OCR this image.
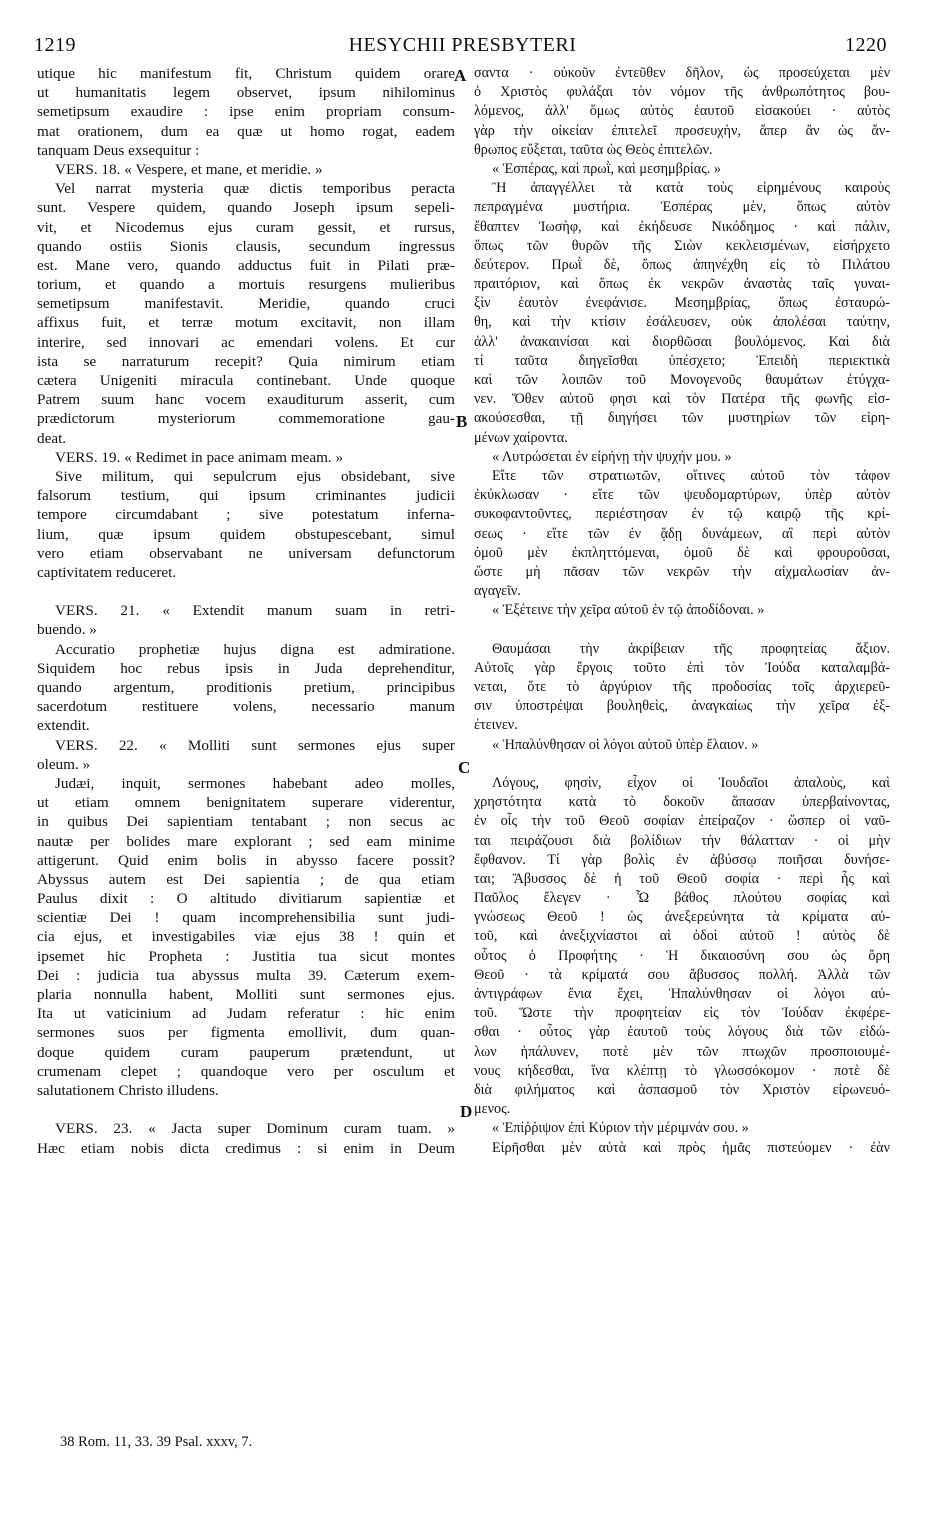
1219	HESYCHII PRESBYTERI	1220
utique hic manifestum fit, Christum quidem orare
ut humanitatis legem observet, ipsum nihilominus
semetipsum exaudire : ipse enim propriam consum-
mat orationem, dum ea quæ ut homo rogat, eadem
tanquam Deus exsequitur :
VERS. 18. « Vespere, et mane, et meridie. »
Vel narrat mysteria quæ dictis temporibus peracta
sunt. Vespere quidem, quando Joseph ipsum sepeli-
vit, et Nicodemus ejus curam gessit, et rursus,
quando ostiis Sionis clausis, secundum ingressus
est. Mane vero, quando adductus fuit in Pilati præ-
torium, et quando a mortuis resurgens mulieribus
semetipsum manifestavit. Meridie, quando cruci
affixus fuit, et terræ motum excitavit, non illam
interire, sed innovari ac emendari volens. Et cur
ista se narraturum recepit? Quia nimirum etiam
cætera Unigeniti miracula continebant. Unde quoque
Patrem suum hanc vocem exauditurum asserit, cum
prædictorum mysteriorum commemoratione gau-
deat.
VERS. 19. « Redimet in pace animam meam. »
Sive militum, qui sepulcrum ejus obsidebant, sive
falsorum testium, qui ipsum criminantes judicii
tempore circumdabant ; sive potestatum inferna-
lium, quæ ipsum quidem obstupescebant, simul
vero etiam observabant ne universam defunctorum
captivitatem reduceret.
VERS. 21. « Extendit manum suam in retri-
buendo. »
Accuratio prophetiæ hujus digna est admiratione.
Siquidem hoc rebus ipsis in Juda deprehenditur,
quando argentum, proditionis pretium, principibus
sacerdotum restituere volens, necessario manum
extendit.
VERS. 22. « Molliti sunt sermones ejus super
oleum. »
Judæi, inquit, sermones habebant adeo molles,
ut etiam omnem benignitatem superare viderentur,
in quibus Dei sapientiam tentabant ; non secus ac
nautæ per bolides mare explorant ; sed eam minime
attigerunt. Quid enim bolis in abysso facere possit?
Abyssus autem est Dei sapientia ; de qua etiam
Paulus dixit : O altitudo divitiarum sapientiæ et
scientiæ Dei ! quam incomprehensibilia sunt judi-
cia ejus, et investigabiles viæ ejus 38 ! quin et
ipsemet hic Propheta : Justitia tua sicut montes
Dei : judicia tua abyssus multa 39. Cæterum exem-
plaria nonnulla habent, Molliti sunt sermones ejus.
Ita ut vaticinium ad Judam referatur : hic enim
sermones suos per figmenta emollivit, dum quan-
doque quidem curam pauperum prætendunt, ut
crumenam clepet ; quandoque vero per osculum et
salutationem Christo illudens.
VERS. 23. « Jacta super Dominum curam tuam. »
Hæc etiam nobis dicta credimus : si enim in Deum
σαντα · οὐκοῦν ἐντεῦθεν δῆλον, ὡς προσεύχεται μὲν
ὁ Χριστὸς φυλάξαι τὸν νόμον τῆς ἀνθρωπότητος βου-
λόμενος, ἀλλ' ὅμως αὐτὸς ἑαυτοῦ εἰσακούει · αὐτὸς
γὰρ τὴν οἰκείαν ἐπιτελεῖ προσευχὴν, ἅπερ ἂν ὡς ἄν-
θρωπος εὔξεται, ταῦτα ὡς Θεὸς ἐπιτελῶν.
« Ἑσπέρας, καὶ πρωῒ, καὶ μεσημβρίας. »
Ἢ ἀπαγγέλλει τὰ κατὰ τοὺς εἰρημένους καιροὺς
πεπραγμένα μυστήρια. Ἑσπέρας μὲν, ὅπως αὐτὸν
ἔθαπτεν Ἰωσὴφ, καὶ ἐκήδευσε Νικόδημος · καὶ πάλιν,
ὅπως τῶν θυρῶν τῆς Σιὼν κεκλεισμένων, εἰσήρχετο
δεύτερον. Πρωῒ δὲ, ὅπως ἀπηνέχθη εἰς τὸ Πιλάτου
πραιτόριον, καὶ ὅπως ἐκ νεκρῶν ἀναστὰς ταῖς γυναι-
ξὶν ἑαυτὸν ἐνεφάνισε. Μεσημβρίας, ὅπως ἐσταυρώ-
θη, καὶ τὴν κτίσιν ἐσάλευσεν, οὐκ ἀπολέσαι ταύτην,
ἀλλ' ἀνακαινίσαι καὶ διορθῶσαι βουλόμενος. Καὶ διὰ
τί ταῦτα διηγεῖσθαι ὑπέσχετο; Ἐπειδὴ περιεκτικὰ
καὶ τῶν λοιπῶν τοῦ Μονογενοῦς θαυμάτων ἐτύγχα-
νεν. Ὅθεν αὐτοῦ φησι καὶ τὸν Πατέρα τῆς φωνῆς εἰσ-
ακούσεσθαι, τῇ διηγήσει τῶν μυστηρίων τῶν εἰρη-
μένων χαίροντα.
« Λυτρώσεται ἐν εἰρήνῃ τὴν ψυχήν μου. »
Εἴτε τῶν στρατιωτῶν, οἵτινες αὐτοῦ τὸν τάφον
ἐκύκλωσαν · εἴτε τῶν ψευδομαρτύρων, ὑπὲρ αὐτὸν
συκοφαντοῦντες, περιέστησαν ἐν τῷ καιρῷ τῆς κρί-
σεως · εἴτε τῶν ἐν ᾅδῃ δυνάμεων, αἳ περὶ αὐτὸν
ὁμοῦ μὲν ἐκπληττόμεναι, ὁμοῦ δὲ καὶ φρουροῦσαι,
ὥστε μὴ πᾶσαν τῶν νεκρῶν τὴν αἰχμαλωσίαν ἀν-
αγαγεῖν.
« Ἐξέτεινε τὴν χεῖρα αὐτοῦ ἐν τῷ ἀποδίδοναι. »
Θαυμάσαι τὴν ἀκρίβειαν τῆς προφητείας ἄξιον.
Αὐτοῖς γὰρ ἔργοις τοῦτο ἐπὶ τὸν Ἰούδα καταλαμβά-
νεται, ὅτε τὸ ἀργύριον τῆς προδοσίας τοῖς ἀρχιερεῦ-
σιν ὑποστρέψαι βουληθεὶς, ἀναγκαίως τὴν χεῖρα ἐξ-
έτεινεν.
« Ἡπαλύνθησαν οἱ λόγοι αὐτοῦ ὑπὲρ ἔλαιον. »
Λόγους, φησὶν, εἶχον οἱ Ἰουδαῖοι ἁπαλοὺς, καὶ
χρηστότητα κατὰ τὸ δοκοῦν ἅπασαν ὑπερβαίνοντας,
ἐν οἷς τὴν τοῦ Θεοῦ σοφίαν ἐπείραζον · ὥσπερ οἱ ναῦ-
ται πειράζουσι διὰ βολίδιων τὴν θάλατταν · οἱ μὴν
ἔφθανον. Τί γὰρ βολὶς ἐν ἀβύσσῳ ποιῆσαι δυνήσε-
ται; Ἄβυσσος δὲ ἡ τοῦ Θεοῦ σοφία · περὶ ἧς καὶ
Παῦλος ἔλεγεν · Ὦ βάθος πλούτου σοφίας καὶ
γνώσεως Θεοῦ ! ὡς ἀνεξερεύνητα τὰ κρίματα αὐ-
τοῦ, καὶ ἀνεξιχνίαστοι αἱ ὁδοὶ αὐτοῦ ! αὐτὸς δὲ
οὗτος ὁ Προφήτης · Ἡ δικαιοσύνη σου ὡς ὄρη
Θεοῦ · τὰ κρίματά σου ἄβυσσος πολλή. Ἀλλὰ τῶν
ἀντιγράφων ἔνια ἔχει, Ἡπαλύνθησαν οἱ λόγοι αὐ-
τοῦ. Ὥστε τὴν προφητείαν εἰς τὸν Ἰούδαν ἐκφέρε-
σθαι · οὗτος γὰρ ἑαυτοῦ τοὺς λόγους διὰ τῶν εἰδώ-
λων ἡπάλυνεν, ποτὲ μὲν τῶν πτωχῶν προσποιουμέ-
νους κήδεσθαι, ἵνα κλέπτῃ τὸ γλωσσόκομον · ποτὲ δὲ
διὰ φιλήματος καὶ ἀσπασμοῦ τὸν Χριστὸν εἰρωνευό-
μενος.
« Ἐπίῤῥιψον ἐπὶ Κύριον τὴν μέριμνάν σου. »
Εἰρῆσθαι μὲν αὐτὰ καὶ πρὸς ἡμᾶς πιστεύομεν · ἐὰν
A
B
C
D
38 Rom. 11, 33. 39 Psal. xxxv, 7.
